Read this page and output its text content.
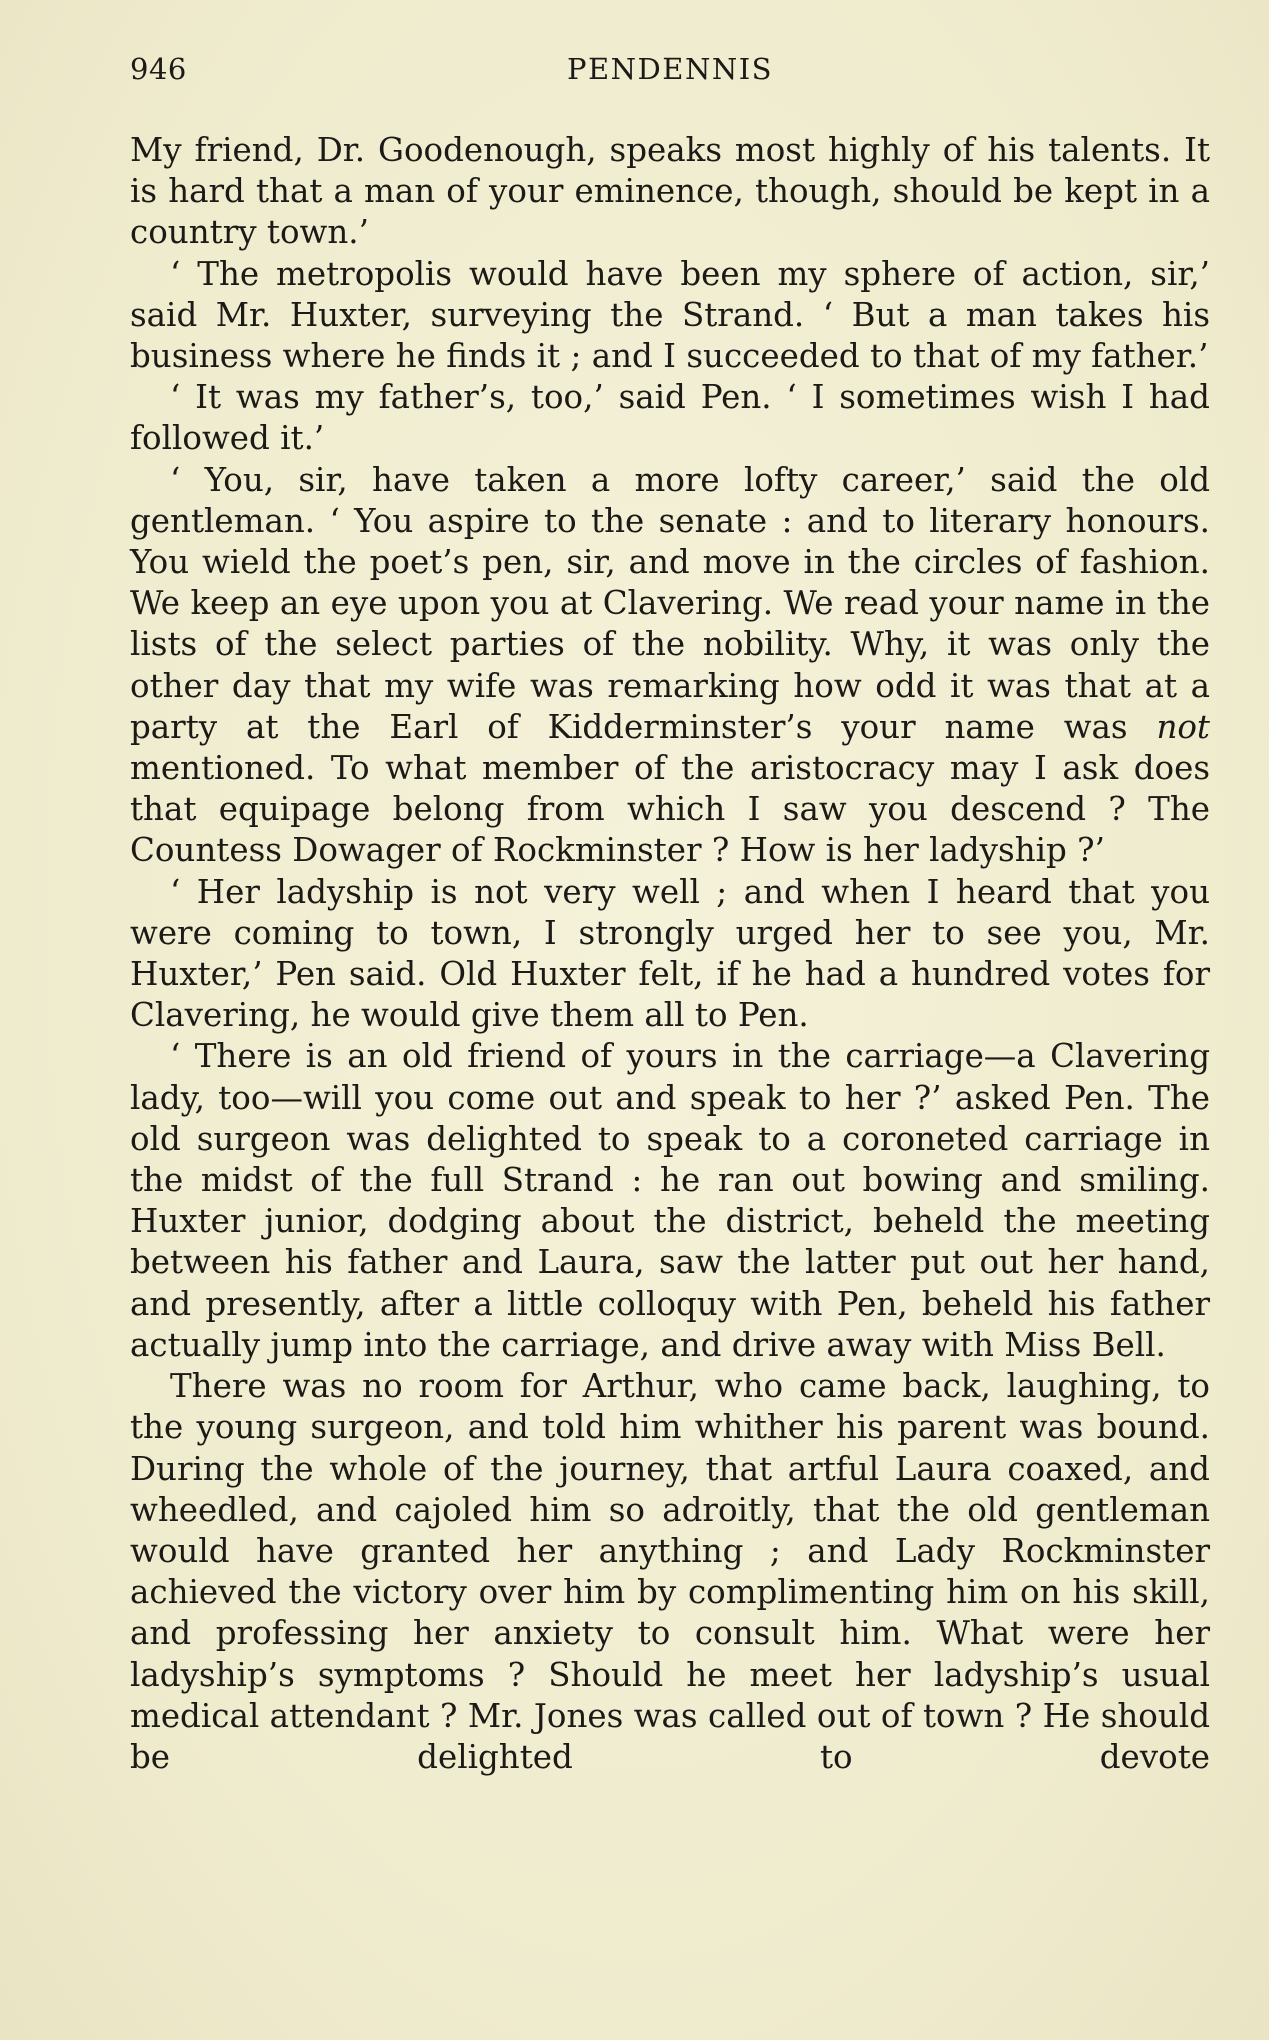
946	PENDENNIS

My friend, Dr. Goodenough, speaks most highly of his talents. It is hard that a man of your eminence, though, should be kept in a country town.’

‘ The metropolis would have been my sphere of action, sir,’ said Mr. Huxter, surveying the Strand. ‘ But a man takes his business where he finds it ; and I succeeded to that of my father.’

‘ It was my father’s, too,’ said Pen. ‘ I sometimes wish I had followed it.’

‘ You, sir, have taken a more lofty career,’ said the old gentleman. ‘ You aspire to the senate : and to literary honours. You wield the poet’s pen, sir, and move in the circles of fashion. We keep an eye upon you at Clavering. We read your name in the lists of the select parties of the nobility. Why, it was only the other day that my wife was remarking how odd it was that at a party at the Earl of Kidderminster’s your name was not mentioned. To what member of the aristocracy may I ask does that equipage belong from which I saw you descend ? The Countess Dowager of Rockminster ? How is her ladyship ?’

‘ Her ladyship is not very well ; and when I heard that you were coming to town, I strongly urged her to see you, Mr. Huxter,’ Pen said. Old Huxter felt, if he had a hundred votes for Clavering, he would give them all to Pen.

‘ There is an old friend of yours in the carriage—a Clavering lady, too—will you come out and speak to her ?’ asked Pen. The old surgeon was delighted to speak to a coroneted carriage in the midst of the full Strand : he ran out bowing and smiling. Huxter junior, dodging about the district, beheld the meeting between his father and Laura, saw the latter put out her hand, and presently, after a little colloquy with Pen, beheld his father actually jump into the carriage, and drive away with Miss Bell.

There was no room for Arthur, who came back, laughing, to the young surgeon, and told him whither his parent was bound. During the whole of the journey, that artful Laura coaxed, and wheedled, and cajoled him so adroitly, that the old gentleman would have granted her anything ; and Lady Rockminster achieved the victory over him by complimenting him on his skill, and professing her anxiety to consult him. What were her ladyship’s symptoms ? Should he meet her ladyship’s usual medical attendant ? Mr. Jones was called out of town ? He should be delighted to devote
